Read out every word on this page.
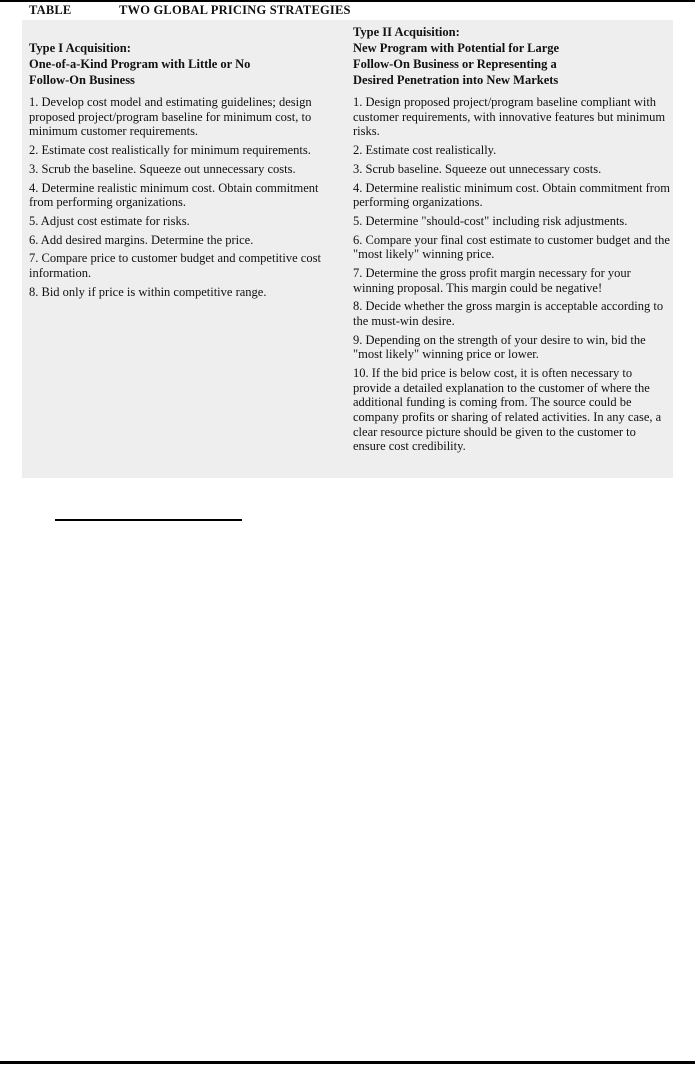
TABLE	TWO GLOBAL PRICING STRATEGIES
Type I Acquisition:
One-of-a-Kind Program with Little or No
Follow-On Business
1. Develop cost model and estimating guidelines; design proposed project/program baseline for minimum cost, to minimum customer requirements.
2. Estimate cost realistically for minimum requirements.
3. Scrub the baseline. Squeeze out unnecessary costs.
4. Determine realistic minimum cost. Obtain commitment from performing organizations.
5. Adjust cost estimate for risks.
6. Add desired margins. Determine the price.
7. Compare price to customer budget and competitive cost information.
8. Bid only if price is within competitive range.
Type II Acquisition:
New Program with Potential for Large
Follow-On Business or Representing a
Desired Penetration into New Markets
1. Design proposed project/program baseline compliant with customer requirements, with innovative features but minimum risks.
2. Estimate cost realistically.
3. Scrub baseline. Squeeze out unnecessary costs.
4. Determine realistic minimum cost. Obtain commitment from performing organizations.
5. Determine "should-cost" including risk adjustments.
6. Compare your final cost estimate to customer budget and the "most likely" winning price.
7. Determine the gross profit margin necessary for your winning proposal. This margin could be negative!
8. Decide whether the gross margin is acceptable according to the must-win desire.
9. Depending on the strength of your desire to win, bid the "most likely" winning price or lower.
10. If the bid price is below cost, it is often necessary to provide a detailed explanation to the customer of where the additional funding is coming from. The source could be company profits or sharing of related activities. In any case, a clear resource picture should be given to the customer to ensure cost credibility.
